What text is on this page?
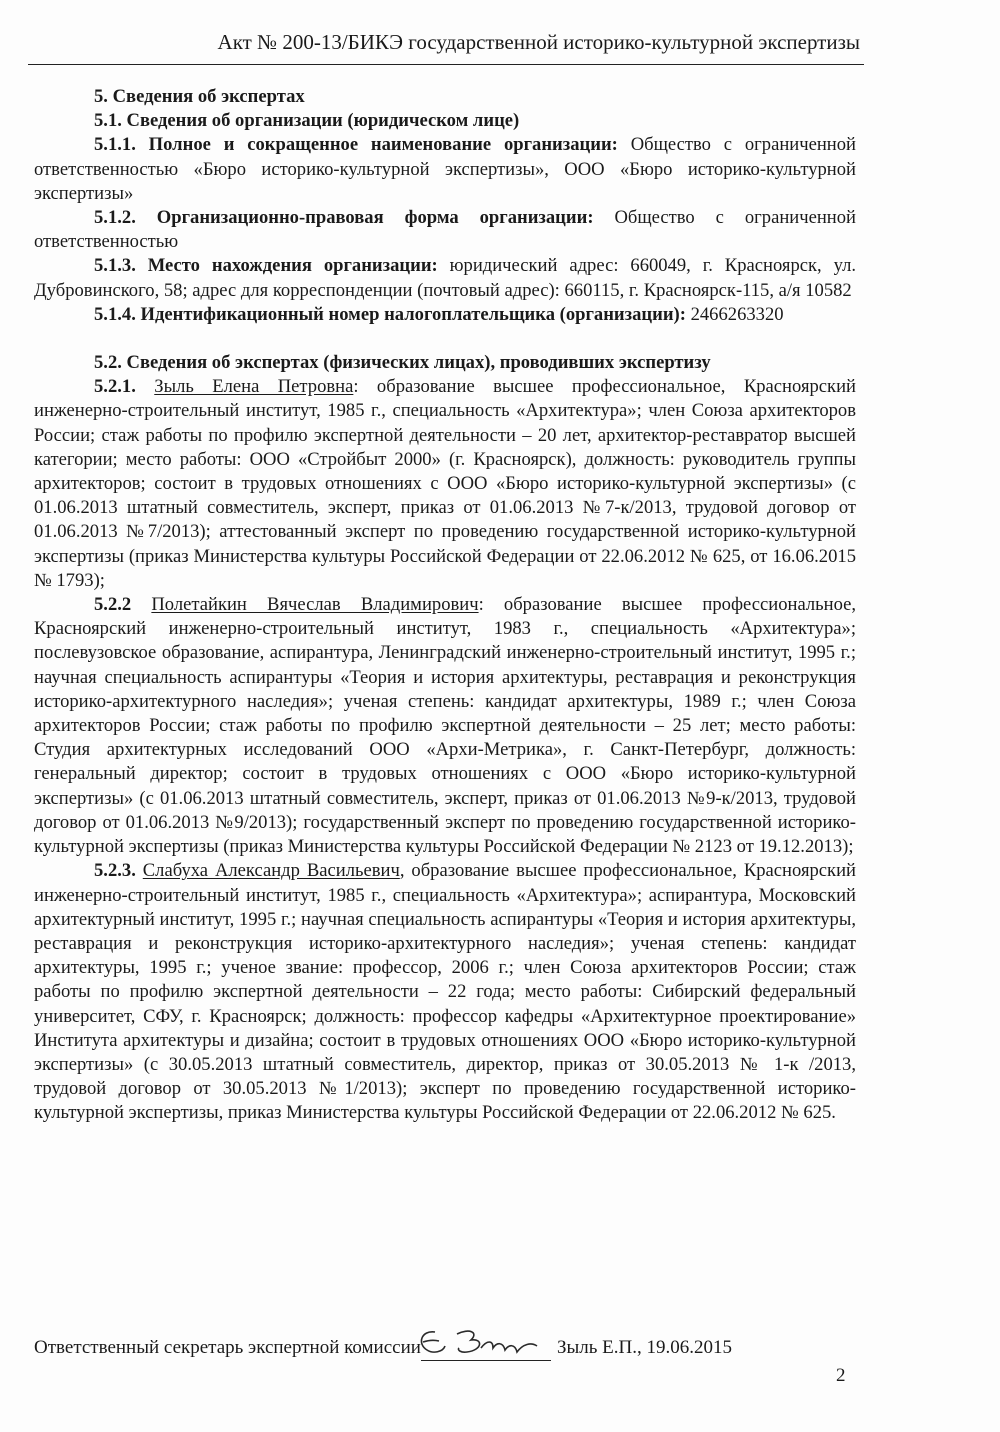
Акт № 200-13/БИКЭ государственной историко-культурной экспертизы

5. Сведения об экспертах

5.1. Сведения об организации (юридическом лице)

5.1.1. Полное и сокращенное наименование организации: Общество с ограниченной ответственностью «Бюро историко-культурной экспертизы», ООО «Бюро историко-культурной экспертизы»

5.1.2. Организационно-правовая форма организации: Общество с ограниченной ответственностью

5.1.3. Место нахождения организации: юридический адрес: 660049, г. Красноярск, ул. Дубровинского, 58; адрес для корреспонденции (почтовый адрес): 660115, г. Красноярск-115, а/я 10582

5.1.4. Идентификационный номер налогоплательщика (организации): 2466263320

5.2. Сведения об экспертах (физических лицах), проводивших экспертизу

5.2.1. Зыль Елена Петровна: образование высшее профессиональное, Красноярский инженерно-строительный институт, 1985 г., специальность «Архитектура»; член Союза архитекторов России; стаж работы по профилю экспертной деятельности – 20 лет, архитектор-реставратор высшей категории; место работы: ООО «Стройбыт 2000» (г. Красноярск), должность: руководитель группы архитекторов; состоит в трудовых отношениях с ООО «Бюро историко-культурной экспертизы» (с 01.06.2013 штатный совместитель, эксперт, приказ от 01.06.2013 №7-к/2013, трудовой договор от 01.06.2013 №7/2013); аттестованный эксперт по проведению государственной историко-культурной экспертизы (приказ Министерства культуры Российской Федерации от 22.06.2012 № 625, от 16.06.2015 № 1793);

5.2.2 Полетайкин Вячеслав Владимирович: образование высшее профессиональное, Красноярский инженерно-строительный институт, 1983 г., специальность «Архитектура»; послевузовское образование, аспирантура, Ленинградский инженерно-строительный институт, 1995 г.; научная специальность аспирантуры «Теория и история архитектуры, реставрация и реконструкция историко-архитектурного наследия»; ученая степень: кандидат архитектуры, 1989 г.; член Союза архитекторов России; стаж работы по профилю экспертной деятельности – 25 лет; место работы: Студия архитектурных исследований ООО «Архи-Метрика», г. Санкт-Петербург, должность: генеральный директор; состоит в трудовых отношениях с ООО «Бюро историко-культурной экспертизы» (с 01.06.2013 штатный совместитель, эксперт, приказ от 01.06.2013 №9-к/2013, трудовой договор от 01.06.2013 №9/2013); государственный эксперт по проведению государственной историко-культурной экспертизы (приказ Министерства культуры Российской Федерации № 2123 от 19.12.2013);

5.2.3. Слабуха Александр Васильевич, образование высшее профессиональное, Красноярский инженерно-строительный институт, 1985 г., специальность «Архитектура»; аспирантура, Московский архитектурный институт, 1995 г.; научная специальность аспирантуры «Теория и история архитектуры, реставрация и реконструкция историко-архитектурного наследия»; ученая степень: кандидат архитектуры, 1995 г.; ученое звание: профессор, 2006 г.; член Союза архитекторов России; стаж работы по профилю экспертной деятельности – 22 года; место работы: Сибирский федеральный университет, СФУ, г. Красноярск; должность: профессор кафедры «Архитектурное проектирование» Института архитектуры и дизайна; состоит в трудовых отношениях ООО «Бюро историко-культурной экспертизы» (с 30.05.2013 штатный совместитель, директор, приказ от 30.05.2013 № 1-к /2013, трудовой договор от 30.05.2013 №1/2013); эксперт по проведению государственной историко-культурной экспертизы, приказ Министерства культуры Российской Федерации от 22.06.2012 № 625.

Ответственный секретарь экспертной комиссии	Зыль Е.П., 19.06.2015
2
